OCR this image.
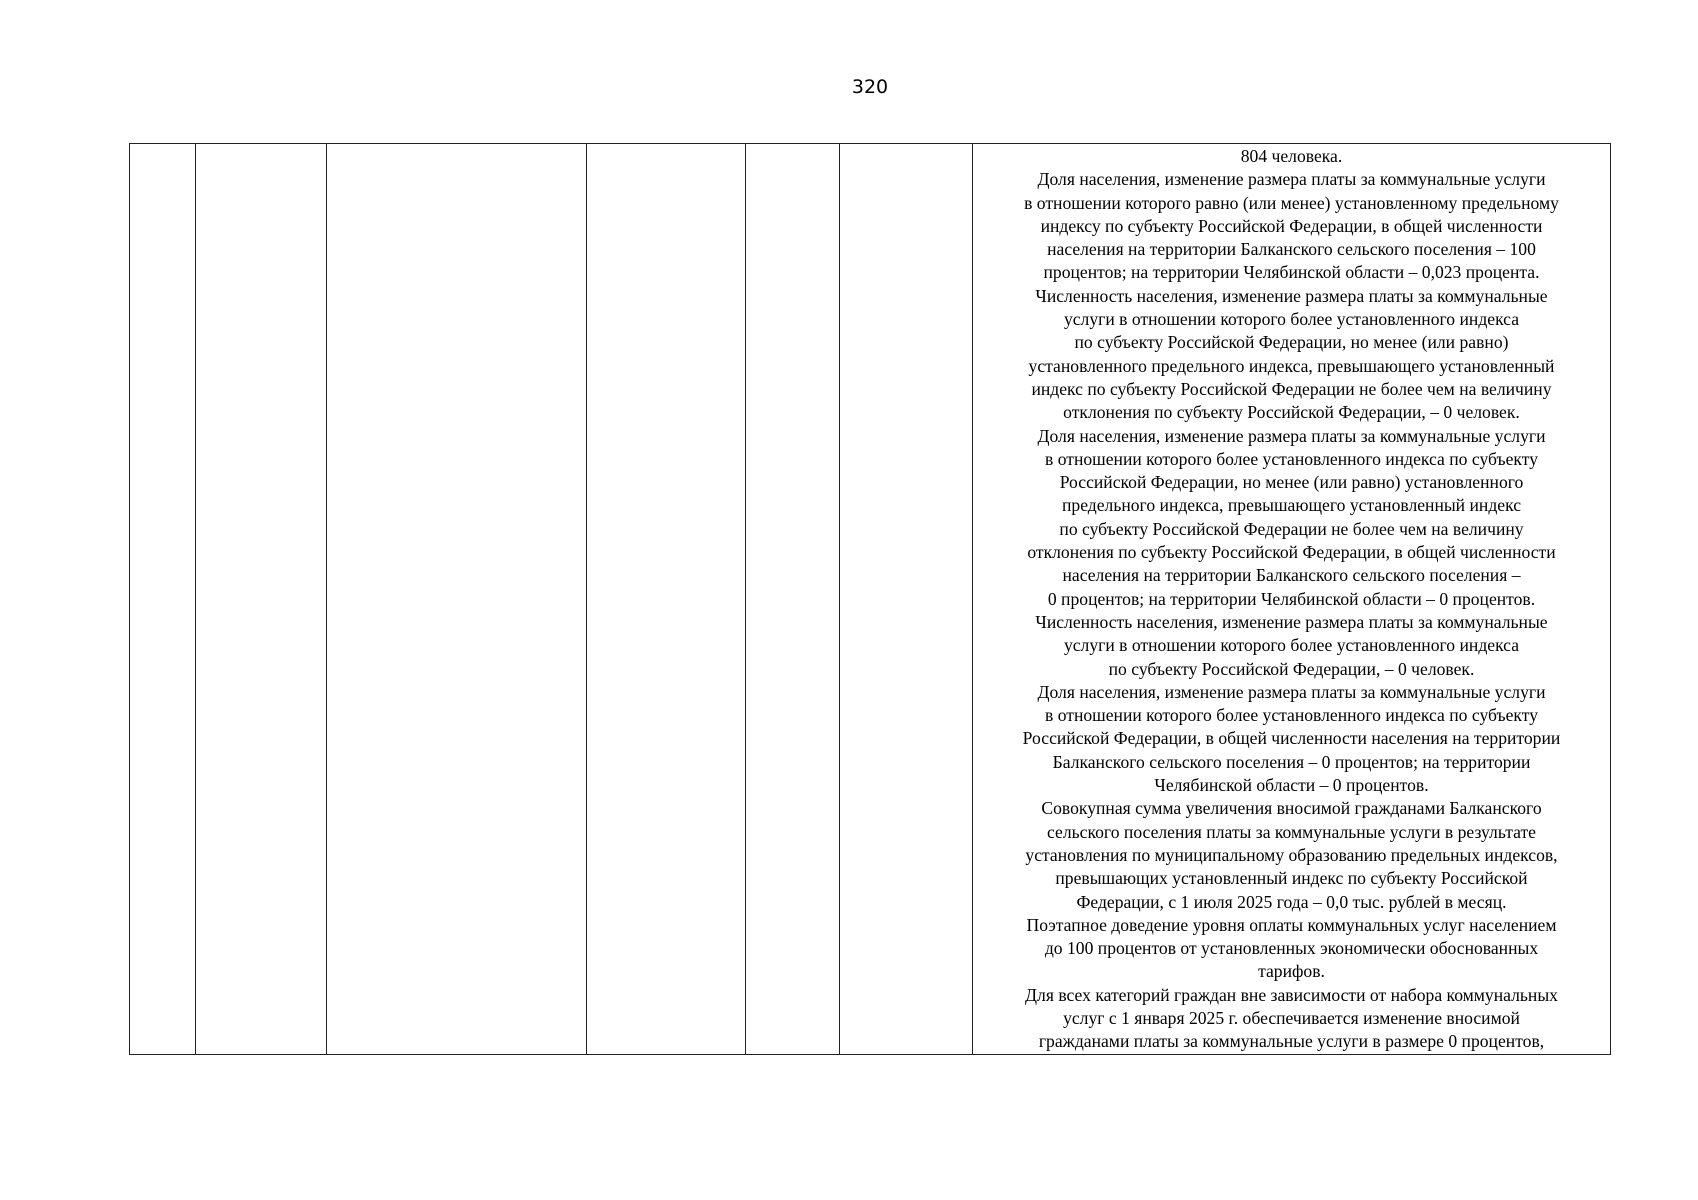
320

804 человека.
Доля населения, изменение размера платы за коммунальные услуги
в отношении которого равно (или менее) установленному предельному
индексу по субъекту Российской Федерации, в общей численности
населения на территории Балканского сельского поселения – 100
процентов; на территории Челябинской области – 0,023 процента.
Численность населения, изменение размера платы за коммунальные
услуги в отношении которого более установленного индекса
по субъекту Российской Федерации, но менее (или равно)
установленного предельного индекса, превышающего установленный
индекс по субъекту Российской Федерации не более чем на величину
отклонения по субъекту Российской Федерации, – 0 человек.
Доля населения, изменение размера платы за коммунальные услуги
в отношении которого более установленного индекса по субъекту
Российской Федерации, но менее (или равно) установленного
предельного индекса, превышающего установленный индекс
по субъекту Российской Федерации не более чем на величину
отклонения по субъекту Российской Федерации, в общей численности
населения на территории Балканского сельского поселения –
0 процентов; на территории Челябинской области – 0 процентов.
Численность населения, изменение размера платы за коммунальные
услуги в отношении которого более установленного индекса
по субъекту Российской Федерации, – 0 человек.
Доля населения, изменение размера платы за коммунальные услуги
в отношении которого более установленного индекса по субъекту
Российской Федерации, в общей численности населения на территории
Балканского сельского поселения – 0 процентов; на территории
Челябинской области – 0 процентов.
Совокупная сумма увеличения вносимой гражданами Балканского
сельского поселения платы за коммунальные услуги в результате
установления по муниципальному образованию предельных индексов,
превышающих установленный индекс по субъекту Российской
Федерации, с 1 июля 2025 года – 0,0 тыс. рублей в месяц.
Поэтапное доведение уровня оплаты коммунальных услуг населением
до 100 процентов от установленных экономически обоснованных
тарифов.
Для всех категорий граждан вне зависимости от набора коммунальных
услуг с 1 января 2025 г. обеспечивается изменение вносимой
гражданами платы за коммунальные услуги в размере 0 процентов,
